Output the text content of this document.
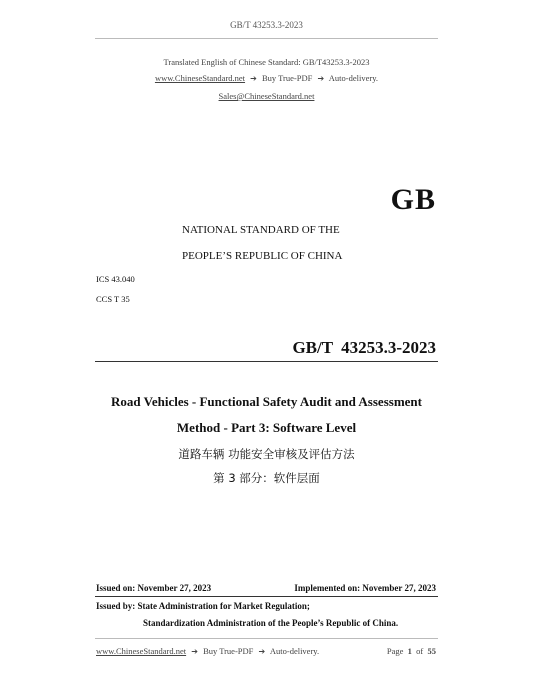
GB/T 43253.3-2023
Translated English of Chinese Standard: GB/T43253.3-2023
www.ChineseStandard.net ➔ Buy True-PDF ➔ Auto-delivery.
Sales@ChineseStandard.net
GB
NATIONAL STANDARD OF THE
PEOPLE’S REPUBLIC OF CHINA
ICS 43.040
CCS T 35
GB/T 43253.3-2023
Road Vehicles - Functional Safety Audit and Assessment
Method - Part 3: Software Level
道路车辆 功能安全审核及评估方法
第 3 部分：软件层面
Issued on: November 27, 2023	Implemented on: November 27, 2023
Issued by: State Administration for Market Regulation;
Standardization Administration of the People’s Republic of China.
www.ChineseStandard.net ➔ Buy True-PDF ➔ Auto-delivery.	Page 1 of 55
